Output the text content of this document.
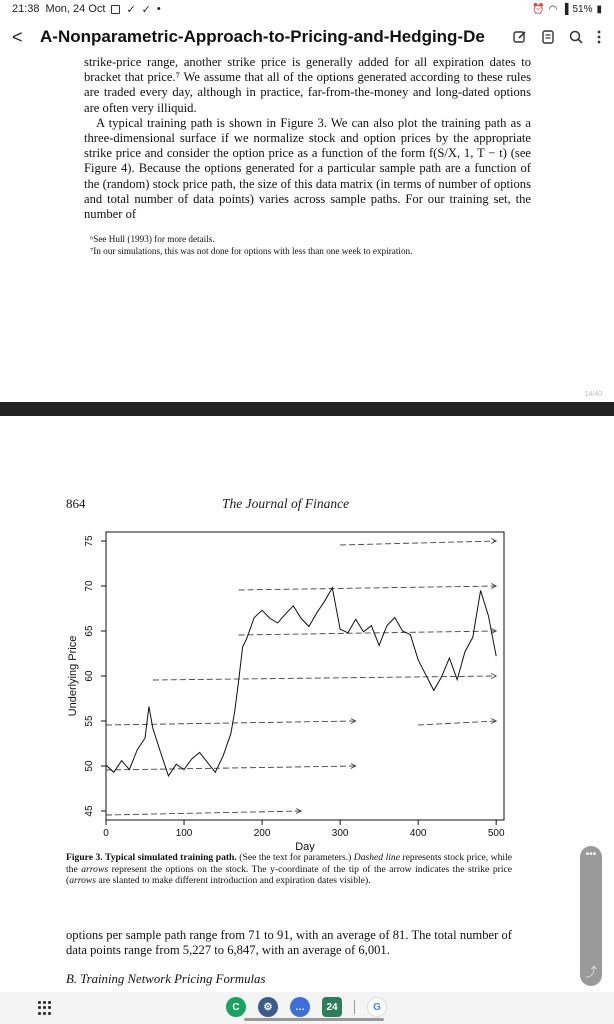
21:38 Mon, 24 Oct ✓ ✓ •	⏰ ◠ ▐ 51% ▮
<	A-Nonparametric-Approach-to-Pricing-and-Hedging-De

strike-price range, another strike price is generally added for all expiration dates to bracket that price.⁷ We assume that all of the options generated according to these rules are traded every day, although in practice, far-from-the-money and long-dated options are often very illiquid.

A typical training path is shown in Figure 3. We can also plot the training path as a three-dimensional surface if we normalize stock and option prices by the appropriate strike price and consider the option price as a function of the form f(S/X, 1, T − t) (see Figure 4). Because the options generated for a particular sample path are a function of the (random) stock price path, the size of this data matrix (in terms of number of options and total number of data points) varies across sample paths. For our training set, the number of

⁶See Hull (1993) for more details.
⁷In our simulations, this was not done for options with less than one week to expiration.
14/40
864	The Journal of Finance
0	100	200	300	400	500
45
50
55
60
65
70
75
Day
Underlying Price
Figure 3. Typical simulated training path. (See the text for parameters.) Dashed line represents stock price, while the arrows represent the options on the stock. The y-coordinate of the tip of the arrow indicates the strike price (arrows are slanted to make different introduction and expiration dates visible).
options per sample path range from 71 to 91, with an average of 81. The total number of data points range from 5,227 to 6,847, with an average of 6,001.
B. Training Network Pricing Formulas
•••
⤴
C	⚙	…	24	G
